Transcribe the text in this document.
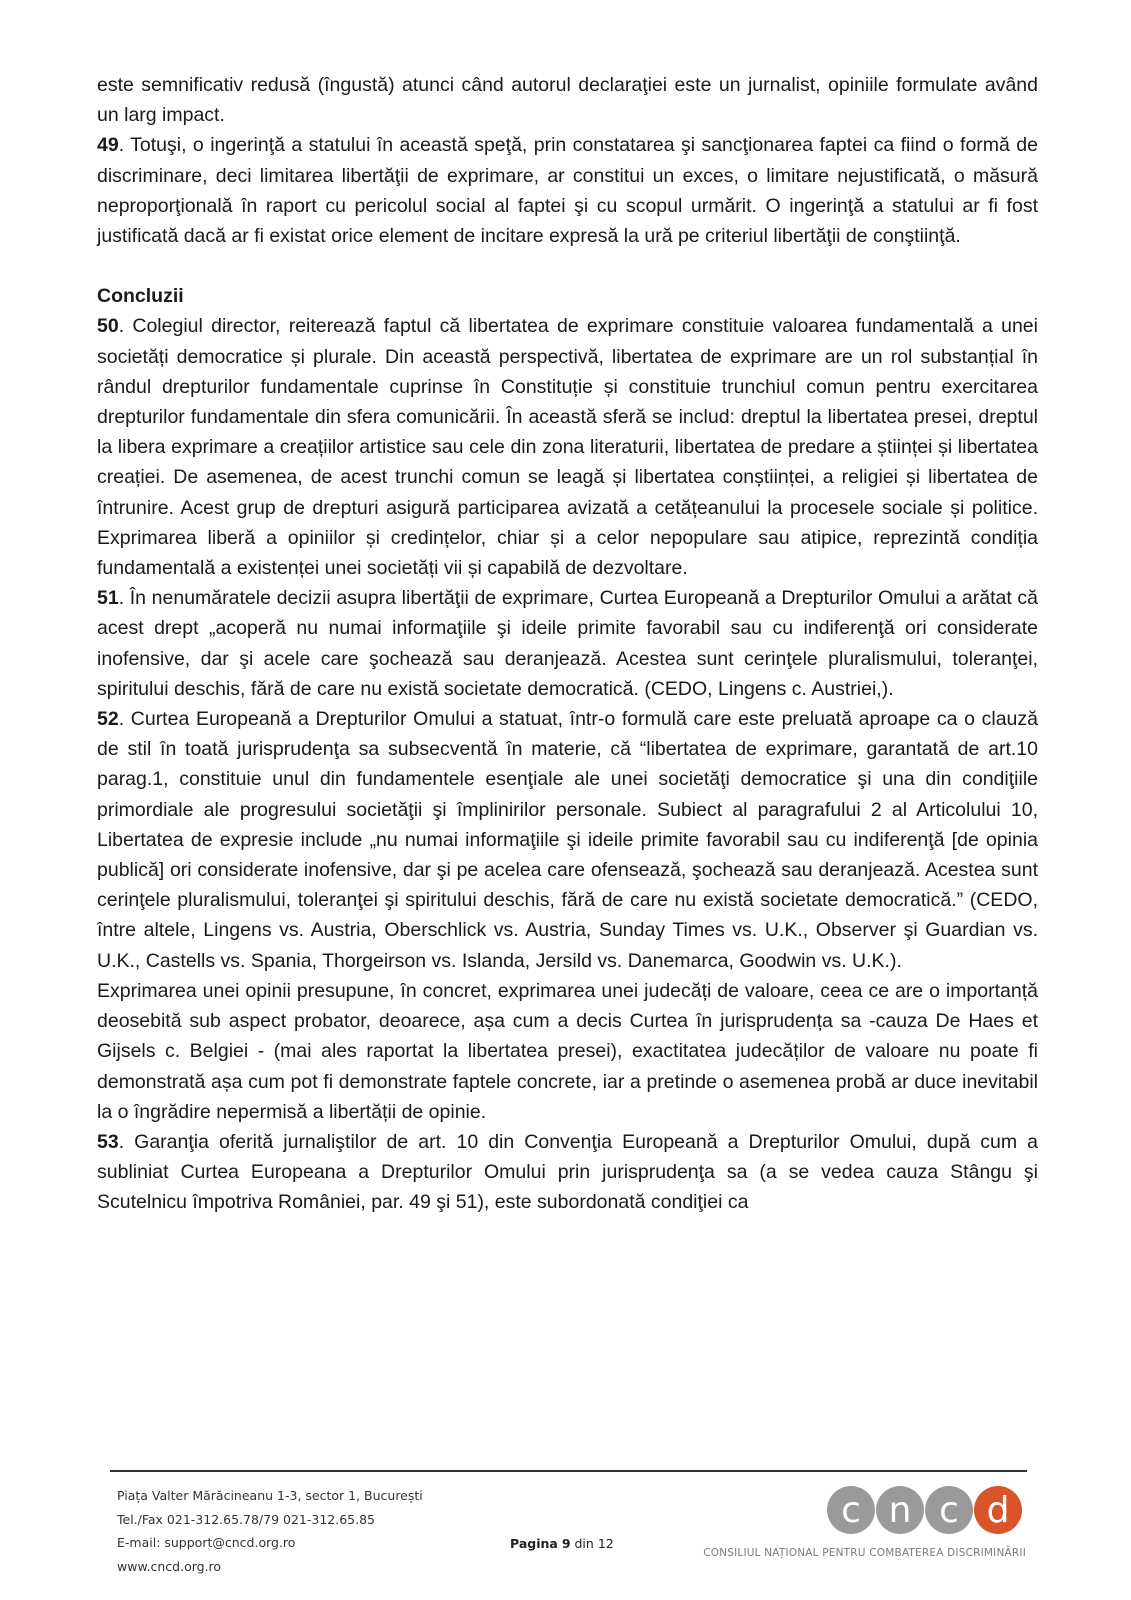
este semnificativ redusă (îngustă) atunci când autorul declaraţiei este un jurnalist, opiniile formulate având un larg impact.

49. Totuşi, o ingerinţă a statului în această speţă, prin constatarea şi sancţionarea faptei ca fiind o formă de discriminare, deci limitarea libertăţii de exprimare, ar constitui un exces, o limitare nejustificată, o măsură neproporţională în raport cu pericolul social al faptei şi cu scopul urmărit. O ingerinţă a statului ar fi fost justificată dacă ar fi existat orice element de incitare expresă la ură pe criteriul libertăţii de conştiinţă.

Concluzii

50. Colegiul director, reiterează faptul că libertatea de exprimare constituie valoarea fundamentală a unei societăți democratice și plurale. Din această perspectivă, libertatea de exprimare are un rol substanțial în rândul drepturilor fundamentale cuprinse în Constituție și constituie trunchiul comun pentru exercitarea drepturilor fundamentale din sfera comunicării. În această sferă se includ: dreptul la libertatea presei, dreptul la libera exprimare a creațiilor artistice sau cele din zona literaturii, libertatea de predare a științei și libertatea creației. De asemenea, de acest trunchi comun se leagă și libertatea conștiinței, a religiei și libertatea de întrunire. Acest grup de drepturi asigură participarea avizată a cetățeanului la procesele sociale și politice. Exprimarea liberă a opiniilor și credințelor, chiar și a celor nepopulare sau atipice, reprezintă condiția fundamentală a existenței unei societăți vii și capabilă de dezvoltare.

51. În nenumăratele decizii asupra libertăţii de exprimare, Curtea Europeană a Drepturilor Omului a arătat că acest drept „acoperă nu numai informaţiile şi ideile primite favorabil sau cu indiferenţă ori considerate inofensive, dar şi acele care şochează sau deranjează. Acestea sunt cerinţele pluralismului, toleranţei, spiritului deschis, fără de care nu există societate democratică. (CEDO, Lingens c. Austriei,).

52. Curtea Europeană a Drepturilor Omului a statuat, într-o formulă care este preluată aproape ca o clauză de stil în toată jurisprudenţa sa subsecventă în materie, că “libertatea de exprimare, garantată de art.10 parag.1, constituie unul din fundamentele esenţiale ale unei societăţi democratice şi una din condiţiile primordiale ale progresului societăţii şi împlinirilor personale. Subiect al paragrafului 2 al Articolului 10, Libertatea de expresie include „nu numai informaţiile şi ideile primite favorabil sau cu indiferenţă [de opinia publică] ori considerate inofensive, dar şi pe acelea care ofensează, şochează sau deranjează. Acestea sunt cerinţele pluralismului, toleranţei şi spiritului deschis, fără de care nu există societate democratică.” (CEDO, între altele, Lingens vs. Austria, Oberschlick vs. Austria, Sunday Times vs. U.K., Observer şi Guardian vs. U.K., Castells vs. Spania, Thorgeirson vs. Islanda, Jersild vs. Danemarca, Goodwin vs. U.K.).

Exprimarea unei opinii presupune, în concret, exprimarea unei judecăți de valoare, ceea ce are o importanță deosebită sub aspect probator, deoarece, așa cum a decis Curtea în jurisprudența sa -cauza De Haes et Gijsels c. Belgiei - (mai ales raportat la libertatea presei), exactitatea judecăților de valoare nu poate fi demonstrată așa cum pot fi demonstrate faptele concrete, iar a pretinde o asemenea probă ar duce inevitabil la o îngrădire nepermisă a libertății de opinie.

53. Garanţia oferită jurnaliştilor de art. 10 din Convenţia Europeană a Drepturilor Omului, după cum a subliniat Curtea Europeana a Drepturilor Omului prin jurisprudenţa sa (a se vedea cauza Stângu şi Scutelnicu împotriva României, par. 49 şi 51), este subordonată condiţiei ca

Piața Valter Mărăcineanu 1-3, sector 1, București
Tel./Fax 021-312.65.78/79 021-312.65.85
E-mail: support@cncd.org.ro
www.cncd.org.ro
Pagina 9 din 12
c n c d
CONSILIUL NAȚIONAL PENTRU COMBATEREA DISCRIMINĂRII
